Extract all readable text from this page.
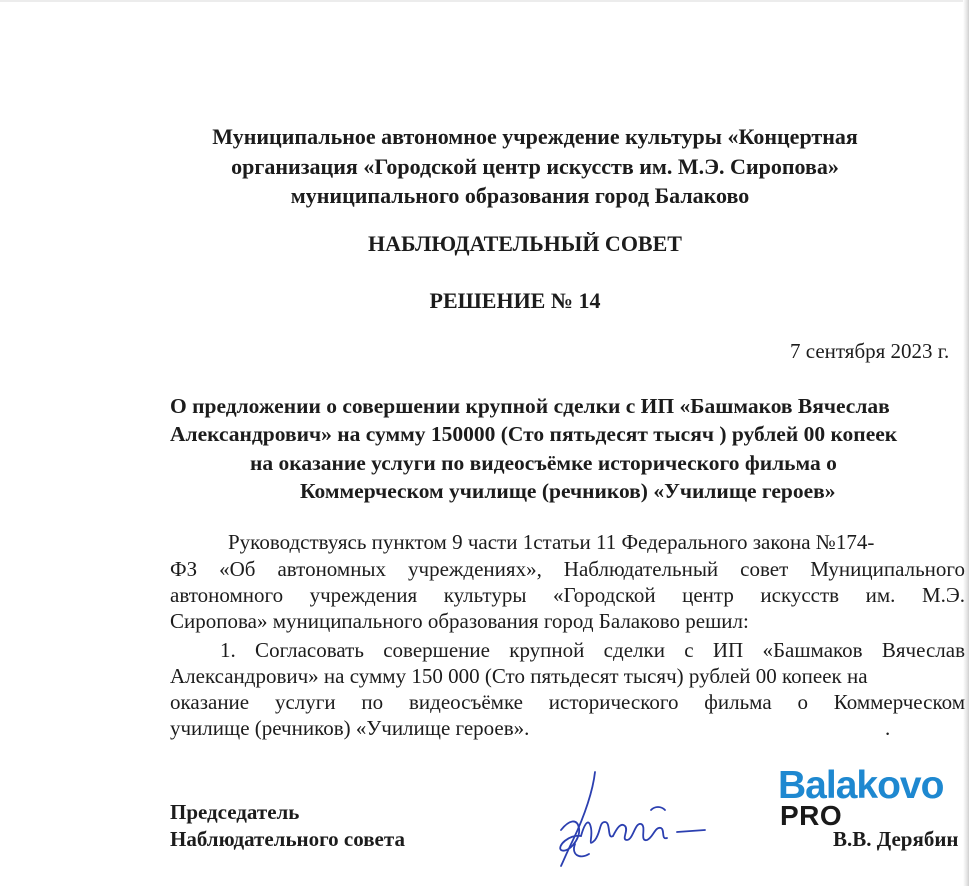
Муниципальное автономное учреждение культуры «Концертная
организация «Городской центр искусств им. М.Э. Сиропова»
муниципального образования город Балаково
НАБЛЮДАТЕЛЬНЫЙ СОВЕТ
РЕШЕНИЕ № 14
7 сентября 2023 г.
О предложении о совершении крупной сделки с ИП «Башмаков Вячеслав
Александрович» на сумму 150000 (Сто пятьдесят тысяч ) рублей 00 копеек
на оказание услуги по видеосъёмке исторического фильма о
Коммерческом училище (речников) «Училище героев»
Руководствуясь пунктом 9 части 1статьи 11 Федерального закона №174-
ФЗ «Об автономных учреждениях», Наблюдательный совет Муниципального
автономного учреждения культуры «Городской центр искусств им. М.Э.
Сиропова» муниципального образования город Балаково решил:
1. Согласовать совершение крупной сделки с ИП «Башмаков Вячеслав
Александрович» на сумму 150 000 (Сто пятьдесят тысяч) рублей 00 копеек на
оказание услуги по видеосъёмке исторического фильма о Коммерческом
училище (речников) «Училище героев».	.
Председатель
Наблюдательного совета	В.В. Дерябин
Balakovo
PRO
